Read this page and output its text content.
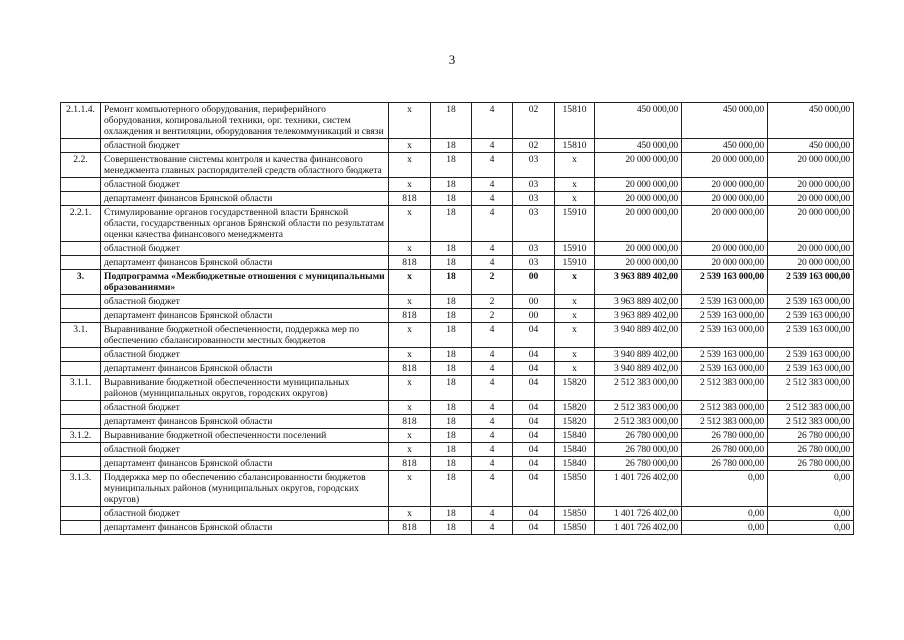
3
2.1.1.4.	Ремонт компьютерного оборудования, периферийного оборудования, копировальной техники, орг. техники, систем охлаждения и вентиляции, оборудования телекоммуникаций и связи	х	18	4	02	15810	450 000,00	450 000,00	450 000,00
	областной бюджет	х	18	4	02	15810	450 000,00	450 000,00	450 000,00
2.2.	Совершенствование системы контроля и качества финансового менеджмента главных распорядителей средств областного бюджета	х	18	4	03	х	20 000 000,00	20 000 000,00	20 000 000,00
	областной бюджет	х	18	4	03	х	20 000 000,00	20 000 000,00	20 000 000,00
	департамент финансов Брянской области	818	18	4	03	х	20 000 000,00	20 000 000,00	20 000 000,00
2.2.1.	Стимулирование органов государственной власти Брянской области, государственных органов Брянской области по результатам оценки качества финансового менеджмента	х	18	4	03	15910	20 000 000,00	20 000 000,00	20 000 000,00
	областной бюджет	х	18	4	03	15910	20 000 000,00	20 000 000,00	20 000 000,00
	департамент финансов Брянской области	818	18	4	03	15910	20 000 000,00	20 000 000,00	20 000 000,00
3.	Подпрограмма «Межбюджетные отношения с муниципальными образованиями»	х	18	2	00	х	3 963 889 402,00	2 539 163 000,00	2 539 163 000,00
	областной бюджет	х	18	2	00	х	3 963 889 402,00	2 539 163 000,00	2 539 163 000,00
	департамент финансов Брянской области	818	18	2	00	х	3 963 889 402,00	2 539 163 000,00	2 539 163 000,00
3.1.	Выравнивание бюджетной обеспеченности, поддержка мер по обеспечению сбалансированности местных бюджетов	х	18	4	04	х	3 940 889 402,00	2 539 163 000,00	2 539 163 000,00
	областной бюджет	х	18	4	04	х	3 940 889 402,00	2 539 163 000,00	2 539 163 000,00
	департамент финансов Брянской области	818	18	4	04	х	3 940 889 402,00	2 539 163 000,00	2 539 163 000,00
3.1.1.	Выравнивание бюджетной обеспеченности муниципальных районов (муниципальных округов, городских округов)	х	18	4	04	15820	2 512 383 000,00	2 512 383 000,00	2 512 383 000,00
	областной бюджет	х	18	4	04	15820	2 512 383 000,00	2 512 383 000,00	2 512 383 000,00
	департамент финансов Брянской области	818	18	4	04	15820	2 512 383 000,00	2 512 383 000,00	2 512 383 000,00
3.1.2.	Выравнивание бюджетной обеспеченности поселений	х	18	4	04	15840	26 780 000,00	26 780 000,00	26 780 000,00
	областной бюджет	х	18	4	04	15840	26 780 000,00	26 780 000,00	26 780 000,00
	департамент финансов Брянской области	818	18	4	04	15840	26 780 000,00	26 780 000,00	26 780 000,00
3.1.3.	Поддержка мер по обеспечению сбалансированности бюджетов муниципальных районов (муниципальных округов, городских округов)	х	18	4	04	15850	1 401 726 402,00	0,00	0,00
	областной бюджет	х	18	4	04	15850	1 401 726 402,00	0,00	0,00
	департамент финансов Брянской области	818	18	4	04	15850	1 401 726 402,00	0,00	0,00
